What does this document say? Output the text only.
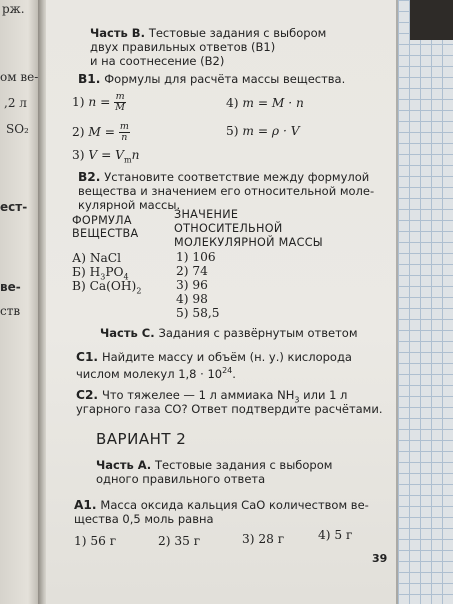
рж.
ом ве-
,2 л
SO₂
ест-
ве-
ств
Часть В. Тестовые задания с выбором
двух правильных ответов (В1)
и на соотнесение (В2)
В1. Формулы для расчёта массы вещества.
1) $n = \frac{m}{M}$	4) m = M · n
2) $M = \frac{m}{n}$	5) m = ρ · V
3) $V = V_mn$
В2. Установите соответствие между формулой
вещества и значением его относительной моле-
кулярной массы.
ФОРМУЛА
ВЕЩЕСТВА
ЗНАЧЕНИЕ
ОТНОСИТЕЛЬНОЙ
МОЛЕКУЛЯРНОЙ МАССЫ
А) NaCl
Б) $H_3PO_4$
В) $Ca(OH)_2$
1) 106
2) 74
3) 96
4) 98
5) 58,5
Часть С. Задания с развёрнутым ответом
С1. Найдите массу и объём (н. у.) кислорода
числом молекул $1,8 \cdot 10^{24}$.
С2. Что тяжелее — 1 л аммиака $NH_3$ или 1 л
угарного газа CO? Ответ подтвердите расчётами.
ВАРИАНТ 2
Часть А. Тестовые задания с выбором
одного правильного ответа
А1. Масса оксида кальция CaO количеством ве-
щества 0,5 моль равна
1) 56 г	2) 35 г	3) 28 г	4) 5 г
39
